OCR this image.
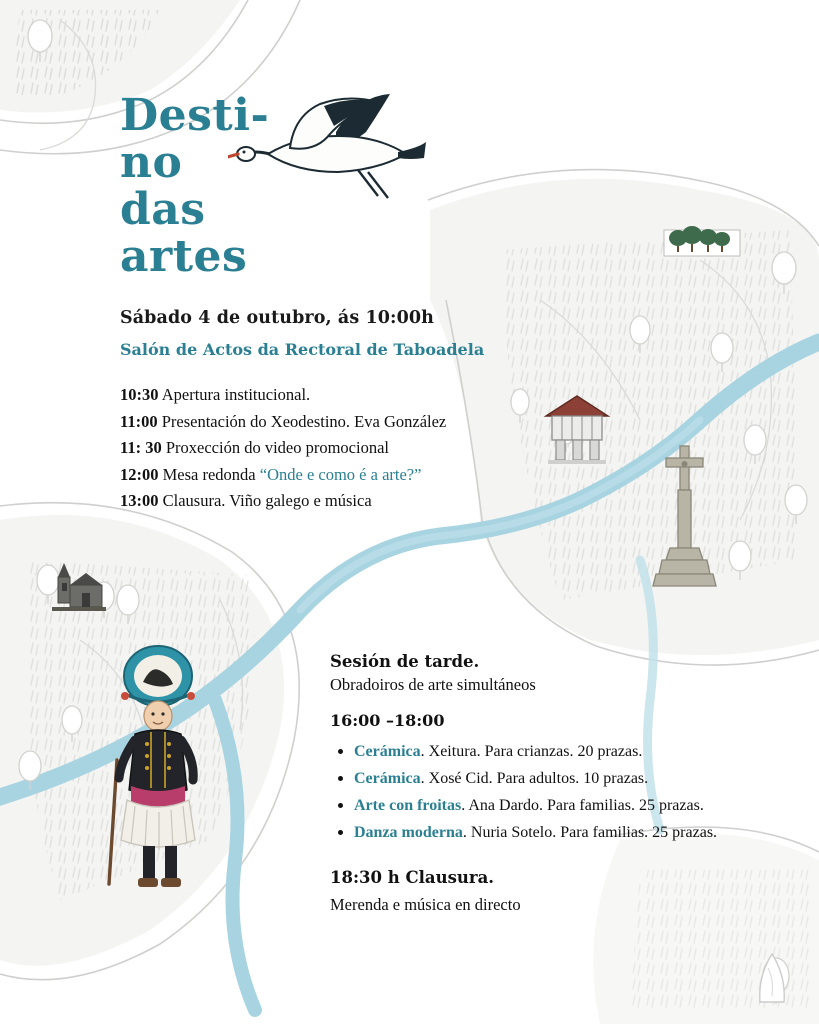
Desti-
no
das
artes
Sábado 4 de outubro, ás 10:00h
Salón de Actos da Rectoral de Taboadela
10:30 Apertura institucional.
11:00 Presentación do Xeodestino. Eva González
11: 30 Proxección do video promocional
12:00 Mesa redonda “Onde e como é a arte?”
13:00 Clausura. Viño galego e música
Sesión de tarde.
Obradoiros de arte simultáneos
16:00 –18:00
Cerámica. Xeitura. Para crianzas. 20 prazas.
Cerámica. Xosé Cid. Para adultos. 10 prazas.
Arte con froitas. Ana Dardo. Para familias. 25 prazas.
Danza moderna. Nuria Sotelo. Para familias. 25 prazas.
18:30 h Clausura.
Merenda e música en directo
